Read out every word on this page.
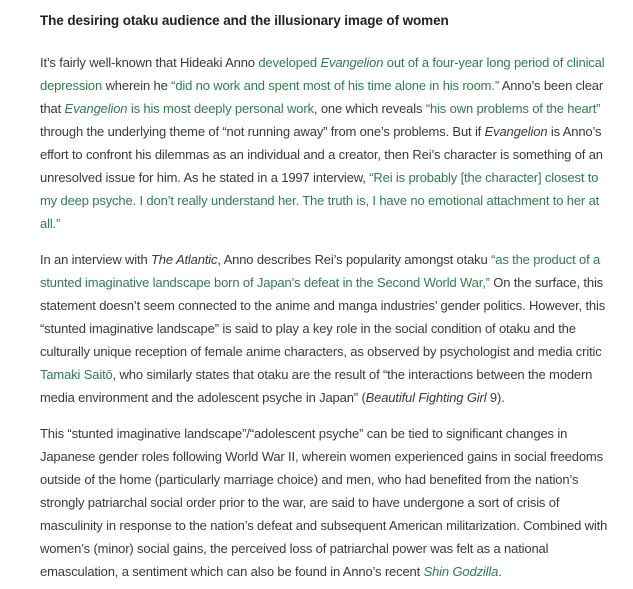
The desiring otaku audience and the illusionary image of women

It’s fairly well-known that Hideaki Anno developed Evangelion out of a four-year long period of clinical depression wherein he “did no work and spent most of his time alone in his room.” Anno’s been clear that Evangelion is his most deeply personal work, one which reveals “his own problems of the heart” through the underlying theme of “not running away” from one’s problems. But if Evangelion is Anno’s effort to confront his dilemmas as an individual and a creator, then Rei’s character is something of an unresolved issue for him. As he stated in a 1997 interview, “Rei is probably [the character] closest to my deep psyche. I don’t really understand her. The truth is, I have no emotional attachment to her at all.”

In an interview with The Atlantic, Anno describes Rei’s popularity amongst otaku “as the product of a stunted imaginative landscape born of Japan’s defeat in the Second World War,” On the surface, this statement doesn’t seem connected to the anime and manga industries’ gender politics. However, this “stunted imaginative landscape” is said to play a key role in the social condition of otaku and the culturally unique reception of female anime characters, as observed by psychologist and media critic Tamaki Saitō, who similarly states that otaku are the result of “the interactions between the modern media environment and the adolescent psyche in Japan” (Beautiful Fighting Girl 9).

This “stunted imaginative landscape”/“adolescent psyche” can be tied to significant changes in Japanese gender roles following World War II, wherein women experienced gains in social freedoms outside of the home (particularly marriage choice) and men, who had benefited from the nation’s strongly patriarchal social order prior to the war, are said to have undergone a sort of crisis of masculinity in response to the nation’s defeat and subsequent American militarization. Combined with women’s (minor) social gains, the perceived loss of patriarchal power was felt as a national emasculation, a sentiment which can also be found in Anno’s recent Shin Godzilla.
